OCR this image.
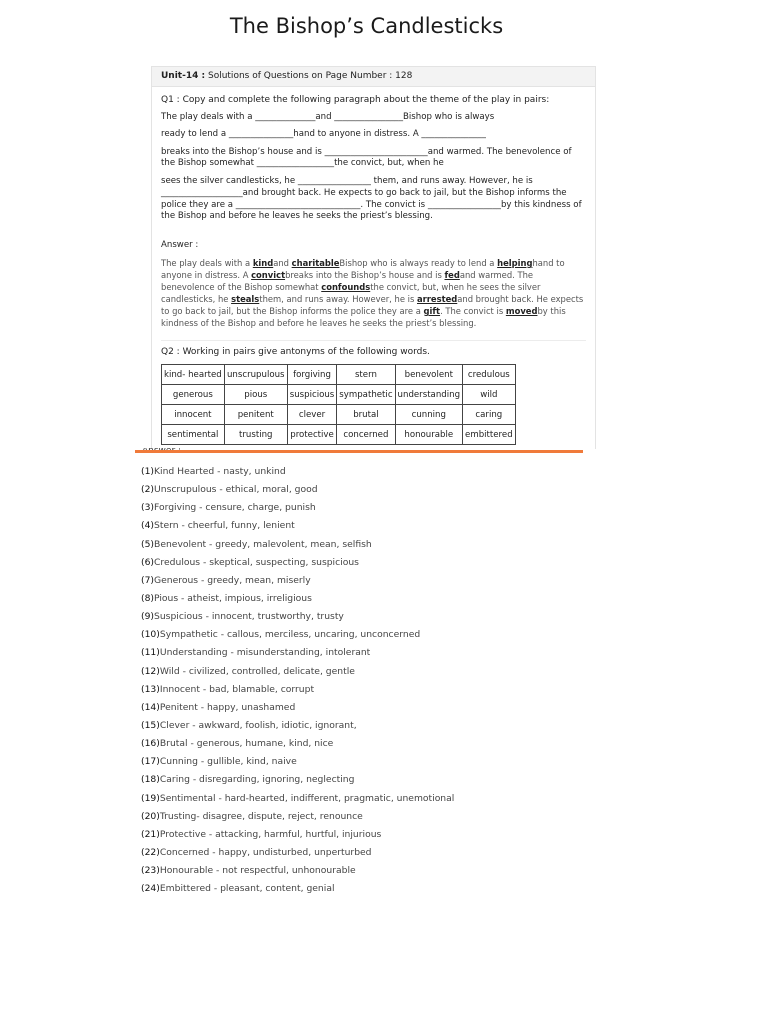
The Bishop’s Candlesticks
Unit-14 : Solutions of Questions on Page Number : 128
Q1 : Copy and complete the following paragraph about the theme of the play in pairs:
The play deals with a ______________and ________________Bishop who is always
ready to lend a _______________hand to anyone in distress. A _______________
breaks into the Bishop’s house and is ________________________and warmed. The benevolence of
the Bishop somewhat __________________the convict, but, when he
sees the silver candlesticks, he _________________ them, and runs away. However, he is
___________________and brought back. He expects to go back to jail, but the Bishop informs the
police they are a _____________________________. The convict is _________________by this kindness of
the Bishop and before he leaves he seeks the priest’s blessing.
Answer :
The play deals with a kindand charitableBishop who is always ready to lend a helpinghand to anyone in distress. A convictbreaks into the Bishop’s house and is fedand warmed. The benevolence of the Bishop somewhat confoundsthe convict, but, when he sees the silver candlesticks, he stealsthem, and runs away. However, he is arrestedand brought back. He expects to go back to jail, but the Bishop informs the police they are a gift. The convict is movedby this kindness of the Bishop and before he leaves he seeks the priest’s blessing.
Q2 : Working in pairs give antonyms of the following words.
kind- hearted	unscrupulous	forgiving	stern	benevolent	credulous
generous	pious	suspicious	sympathetic	understanding	wild
innocent	penitent	clever	brutal	cunning	caring
sentimental	trusting	protective	concerned	honourable	embittered
(1)Kind Hearted - nasty, unkind
(2)Unscrupulous - ethical, moral, good
(3)Forgiving - censure, charge, punish
(4)Stern - cheerful, funny, lenient
(5)Benevolent - greedy, malevolent, mean, selfish
(6)Credulous - skeptical, suspecting, suspicious
(7)Generous - greedy, mean, miserly
(8)Pious - atheist, impious, irreligious
(9)Suspicious - innocent, trustworthy, trusty
(10)Sympathetic - callous, merciless, uncaring, unconcerned
(11)Understanding - misunderstanding, intolerant
(12)Wild - civilized, controlled, delicate, gentle
(13)Innocent - bad, blamable, corrupt
(14)Penitent - happy, unashamed
(15)Clever - awkward, foolish, idiotic, ignorant,
(16)Brutal - generous, humane, kind, nice
(17)Cunning - gullible, kind, naive
(18)Caring - disregarding, ignoring, neglecting
(19)Sentimental - hard-hearted, indifferent, pragmatic, unemotional
(20)Trusting- disagree, dispute, reject, renounce
(21)Protective - attacking, harmful, hurtful, injurious
(22)Concerned - happy, undisturbed, unperturbed
(23)Honourable - not respectful, unhonourable
(24)Embittered - pleasant, content, genial
